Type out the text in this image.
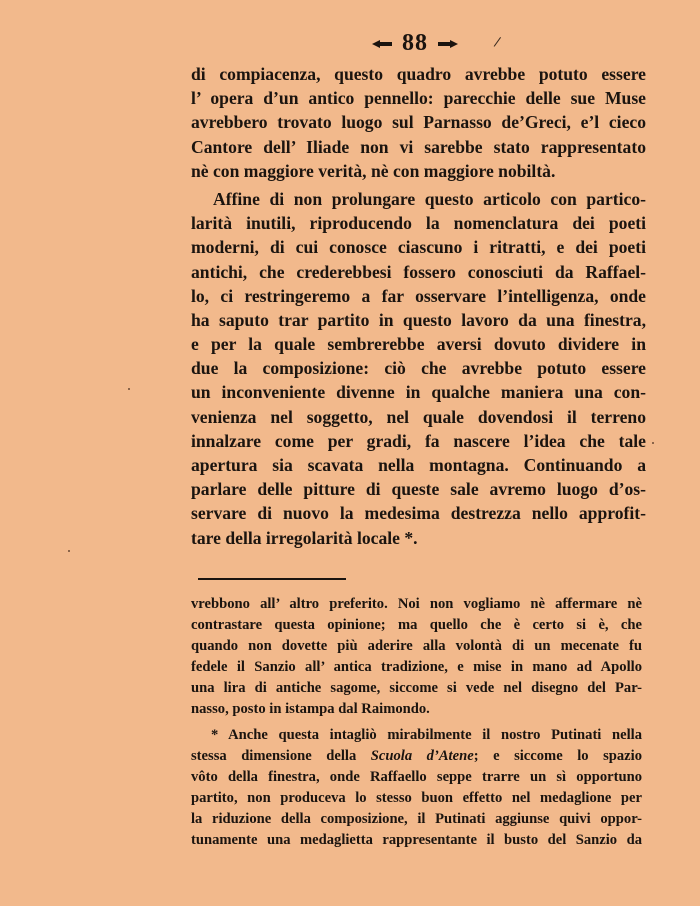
88	/
di compiacenza, questo quadro avrebbe potuto essere
l’ opera d’un antico pennello: parecchie delle sue Muse
avrebbero trovato luogo sul Parnasso de’Greci, e’l cieco
Cantore dell’ Iliade non vi sarebbe stato rappresentato
nè con maggiore verità, nè con maggiore nobiltà.
Affine di non prolungare questo articolo con partico-
larità inutili, riproducendo la nomenclatura dei poeti
moderni, di cui conosce ciascuno i ritratti, e dei poeti
antichi, che crederebbesi fossero conosciuti da Raffael-
lo, ci restringeremo a far osservare l’intelligenza, onde
ha saputo trar partito in questo lavoro da una finestra,
e per la quale sembrerebbe aversi dovuto dividere in
due la composizione: ciò che avrebbe potuto essere
un inconveniente divenne in qualche maniera una con-
venienza nel soggetto, nel quale dovendosi il terreno
innalzare come per gradi, fa nascere l’idea che tale
apertura sia scavata nella montagna. Continuando a
parlare delle pitture di queste sale avremo luogo d’os-
servare di nuovo la medesima destrezza nello approfit-
tare della irregolarità locale *.
vrebbono all’ altro preferito. Noi non vogliamo nè affermare nè
contrastare questa opinione; ma quello che è certo si è, che
quando non dovette più aderire alla volontà di un mecenate fu
fedele il Sanzio all’ antica tradizione, e mise in mano ad Apollo
una lira di antiche sagome, siccome si vede nel disegno del Par-
nasso, posto in istampa dal Raimondo.
* Anche questa intagliò mirabilmente il nostro Putinati nella
stessa dimensione della Scuola d’Atene; e siccome lo spazio
vôto della finestra, onde Raffaello seppe trarre un sì opportuno
partito, non produceva lo stesso buon effetto nel medaglione per
la riduzione della composizione, il Putinati aggiunse quivi oppor-
tunamente una medaglietta rappresentante il busto del Sanzio da
